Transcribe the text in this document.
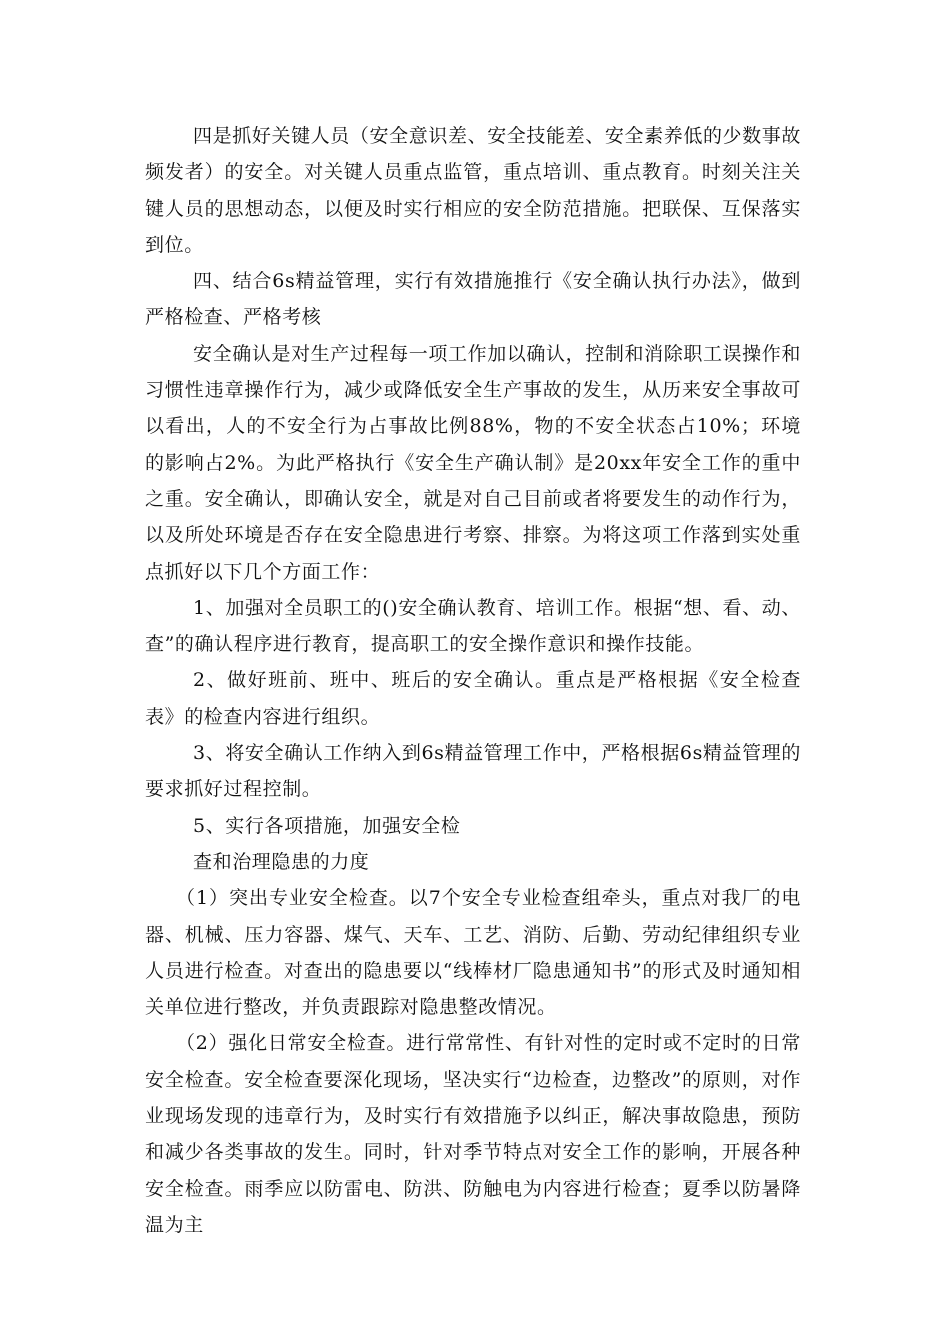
四是抓好关键人员（安全意识差、安全技能差、安全素养低的少数事故频发者）的安全。对关键人员重点监管，重点培训、重点教育。时刻关注关键人员的思想动态，以便及时实行相应的安全防范措施。把联保、互保落实到位。

四、结合6s精益管理，实行有效措施推行《安全确认执行办法》，做到严格检查、严格考核

安全确认是对生产过程每一项工作加以确认，控制和消除职工误操作和习惯性违章操作行为，减少或降低安全生产事故的发生，从历来安全事故可以看出，人的不安全行为占事故比例88%，物的不安全状态占10%；环境的影响占2%。为此严格执行《安全生产确认制》是20xx年安全工作的重中之重。安全确认，即确认安全，就是对自己目前或者将要发生的动作行为，以及所处环境是否存在安全隐患进行考察、排察。为将这项工作落到实处重点抓好以下几个方面工作：

1、加强对全员职工的()安全确认教育、培训工作。根据“想、看、动、查”的确认程序进行教育，提高职工的安全操作意识和操作技能。

2、做好班前、班中、班后的安全确认。重点是严格根据《安全检查表》的检查内容进行组织。

3、将安全确认工作纳入到6s精益管理工作中，严格根据6s精益管理的要求抓好过程控制。

5、实行各项措施，加强安全检

查和治理隐患的力度

（1）突出专业安全检查。以7个安全专业检查组牵头，重点对我厂的电器、机械、压力容器、煤气、天车、工艺、消防、后勤、劳动纪律组织专业人员进行检查。对查出的隐患要以“线棒材厂隐患通知书”的形式及时通知相关单位进行整改，并负责跟踪对隐患整改情况。

（2）强化日常安全检查。进行常常性、有针对性的定时或不定时的日常安全检查。安全检查要深化现场，坚决实行“边检查，边整改”的原则，对作业现场发现的违章行为，及时实行有效措施予以纠正，解决事故隐患，预防和减少各类事故的发生。同时，针对季节特点对安全工作的影响，开展各种安全检查。雨季应以防雷电、防洪、防触电为内容进行检查；夏季以防暑降温为主
